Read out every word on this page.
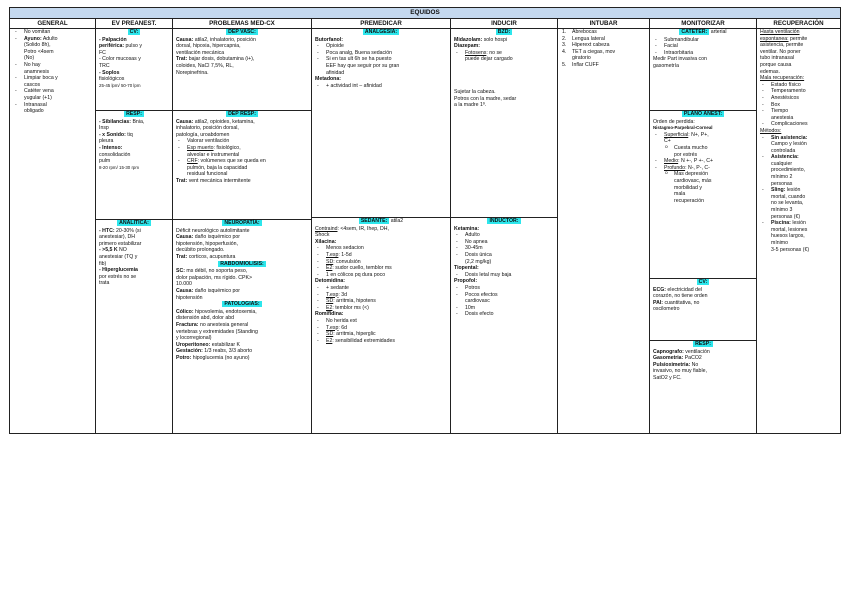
EQUIDOS
GENERAL	EV PREANEST.	PROBLEMAS MED-CX	PREMEDICAR	INDUCIR	INTUBAR	MONITORIZAR	RECUPERACIÓN
- No vomitan
- Ayuno: Adulto
(Solido 8h),
Potro <4sem
(No)
- No hay
anamnesis
- Limpiar boca y
cascos
- Catéter vena
yugular (+1)
- Intranasal
obligado
CV:
- Palpación
periférica: pulso y
FC
- Color mucosas y
TRC
- Soplos
fisiológicos
25-45 lpm/ 50-70 lpm
RESP:
- Sibilancias: Bnia,
Insp
- x Sonido: tiq
pleura
- Intenso:
consolidación
pulm
8-20 rpm/ 15-30 rpm
ANALITICA:
- HTC: 20-30% (si
anestesiar), DH
primero estabilizar
- >5,5 K NO
anestesiar (TQ y
fib)
- Hiperglucemia
por estrés no se
trata
DEP VASC:
Causa: atila2, inhalatorio, posición
dorsal, hipoxia, hipercapnia,
ventilación mecánica
Trat: bajar dosis, dobutamina (i+),
coloides, NaCl 7,5%, RL,
Norepinefrina.
DEP RESP:
Causa: atila2, opioides, ketamina,
inhalatorio, posición dorsal,
patología, uroabdomen
- Valorar ventilación
- Esp muerto: fisiológico,
alveolar e instrumental
- CRF: volúmenes que se queda en
pulmón, baja la capacidad
residual funcional
Trat: vent mecánica intermitente
NEUROPATÍA:
Déficit neurológico autolimitante
Causa: daño isquémico por
hipotensión, hipoperfusión,
decúbito prolongado.
Trat: corticos, acupuntura
RABDOMIOLISIS:
SC: ms débil, no soporta peso,
dolor palpación, ms rígido. CPK>
10.000
Causa: daño isquémico por
hipotensión
PATOLOGIAS:
Cólico: hipovolemia, endotoxemia,
distensión abd, dolor abd
Fractura: no anestesia general
vertebras y extremidades (Standing
y locorregional)
Uroperitoneo: estabilizar K
Gestación: 1/3 reabs, 3/3 aborto
Potro: hipoglucemia (no ayuno)
ANALGESIA:
Butorfanol:
- Opioide
- Poca analg, Buena sedación
- Si en tas ult 6h se ha puesto
EEF hay que seguir por su gran
afinidad
Metadona:
- + actividad int – afinidad
SEDANTE: atila2
Contraind: <4sem, IR, Ihep, DH,
Shock
Xilacina:
- Menos sedacion
- T.esp: 1-5d
- SD: convulsión
- E2: sudor cuello, temblor ms
- 1 en cólicos pq dura poco
Detomidina:
- + sedante
- T.esp: 3d
- SD: arritmia, hipotens
- E2: temblor ms (<)
Romifidina:
- No herida ext
- T.esp: 6d
- SD: arritmia, hiperglic
- E2: sensibilidad extremidades
BZD:
Midazolam: solo hospi
Diazepam:
- Fotosens: no se
puede dejar cargado
Sujetar la cabeza.
Potros con la madre, sedar
a la madre 1º.
INDUCTOR:
Ketamina:
- Adulto
- No apnea
- 30-45m
- Dosis única
(2,2 mg/kg)
Tiopental:
- Dosis letal muy baja
Propofol:
- Potros
- Pocos efectos
cardiovasc
- 10m
- Dosis efecto
1. Abrebocas
2. Lengua lateral
3. Hiperext cabeza
4. TET a ciegas, mov
giratorio
5. Inflar CUFF
CATETER: arterial
- Submandibular
- Facial
- Intraorbitaria
Medir Part invasiva con
gasometría
PLANO ANEST:
Orden de perdida:
Nistagmo-Parpebral-Corneal
- Superficial: N+, P+,
C+
o Cuesta mucho
por estrés
- Medio: N +-, P +-, C+
- Profundo: N-, P-, C-
o Mas depresión
cardiovasc, más
morbilidad y
mala
recuperación
CV:
ECG: electricidad del
corazón, no tiene orden
PAI: cuantitativa, no
oscilometro
RESP:
Capnografo: ventilación
Gasometria: PaCO2
Pulsioximetria: No
invasivo, no muy fiable,
SatO2 y FC.
Hasta ventilación
espontanea: permite
asistencia, permite
ventilar. No poner
tubo intranasal
porque causa
edemas.
Mala recuperación:
- Estado físico
- Temperamento
- Anestésicos
- Box
- Tiempo
anestesia
- Complicaciones
Métodos:
- Sin asistencia:
Campo y lesión
controlada
- Asistencia:
cualquier
procedimiento,
mínimo 2
personas
- Sling: lesión
mortal, cuando
no se levanta,
mínimo 3
personas (€)
- Piscina: lesión
mortal, lesiones
huesos largos,
mínimo
3-5 personas (€)
